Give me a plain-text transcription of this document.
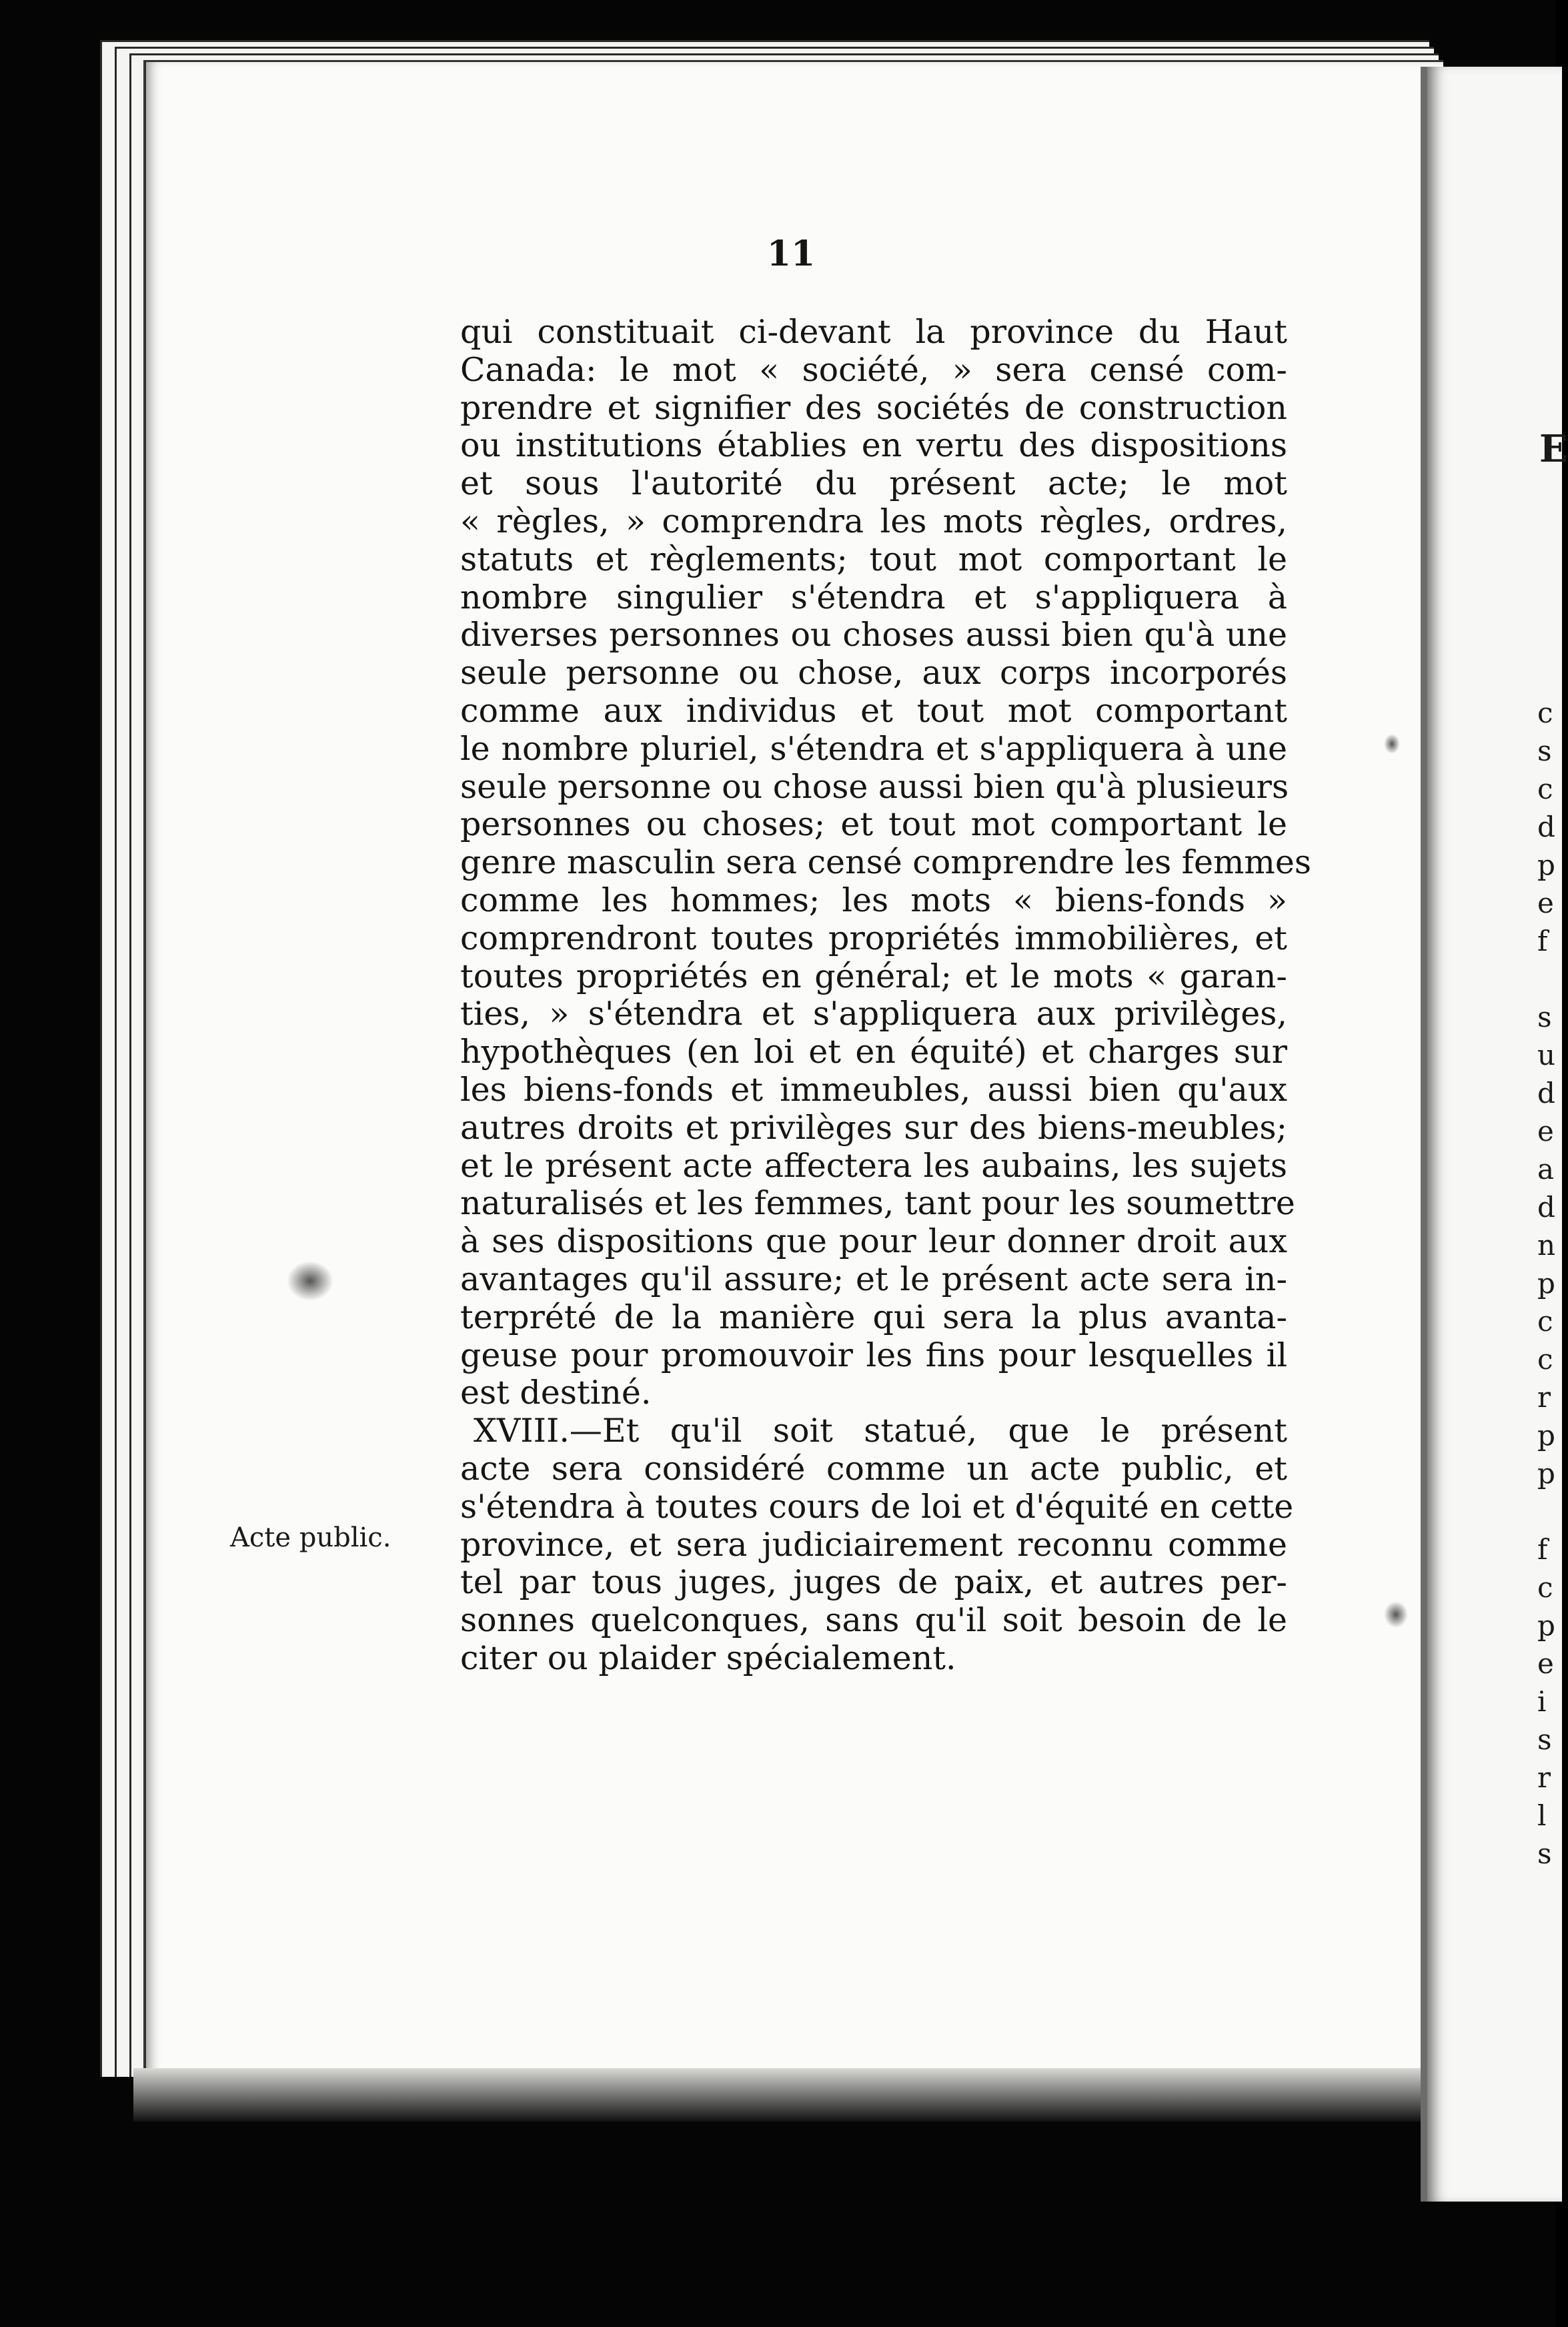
11
qui constituait ci-devant la province du Haut
Canada: le mot « société, » sera censé com-
prendre et signifier des sociétés de construction
ou institutions établies en vertu des dispositions
et sous l'autorité du présent acte; le mot
« règles, » comprendra les mots règles, ordres,
statuts et règlements; tout mot comportant le
nombre singulier s'étendra et s'appliquera à
diverses personnes ou choses aussi bien qu'à une
seule personne ou chose, aux corps incorporés
comme aux individus et tout mot comportant
le nombre pluriel, s'étendra et s'appliquera à une
seule personne ou chose aussi bien qu'à plusieurs
personnes ou choses; et tout mot comportant le
genre masculin sera censé comprendre les femmes
comme les hommes; les mots « biens-fonds »
comprendront toutes propriétés immobilières, et
toutes propriétés en général; et le mots « garan-
ties, » s'étendra et s'appliquera aux privilèges,
hypothèques (en loi et en équité) et charges sur
les biens-fonds et immeubles, aussi bien qu'aux
autres droits et privilèges sur des biens-meubles;
et le présent acte affectera les aubains, les sujets
naturalisés et les femmes, tant pour les soumettre
à ses dispositions que pour leur donner droit aux
avantages qu'il assure; et le présent acte sera in-
terprété de la manière qui sera la plus avanta-
geuse pour promouvoir les fins pour lesquelles il
est destiné.
XVIII.—Et qu'il soit statué, que le présent
acte sera considéré comme un acte public, et
s'étendra à toutes cours de loi et d'équité en cette
province, et sera judiciairement reconnu comme
tel par tous juges, juges de paix, et autres per-
sonnes quelconques, sans qu'il soit besoin de le
citer ou plaider spécialement.
Acte public.
E
c
s
c
d
p
e
f

s
u
d
e
a
d
n
p
c
c
r
p
p

f
c
p
e
i
s
r
l
s
